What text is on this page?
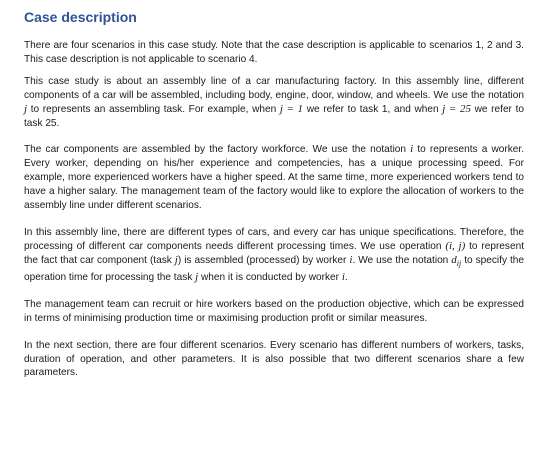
Case description

There are four scenarios in this case study. Note that the case description is applicable to scenarios 1, 2 and 3. This case description is not applicable to scenario 4.

This case study is about an assembly line of a car manufacturing factory. In this assembly line, different components of a car will be assembled, including body, engine, door, window, and wheels. We use the notation j to represents an assembling task. For example, when j = 1 we refer to task 1, and when j = 25 we refer to task 25.

The car components are assembled by the factory workforce. We use the notation i to represents a worker. Every worker, depending on his/her experience and competencies, has a unique processing speed. For example, more experienced workers have a higher speed. At the same time, more experienced workers tend to have a higher salary. The management team of the factory would like to explore the allocation of workers to the assembly line under different scenarios.

In this assembly line, there are different types of cars, and every car has unique specifications. Therefore, the processing of different car components needs different processing times. We use operation (i, j) to represent the fact that car component (task j) is assembled (processed) by worker i. We use the notation $d_{ij}$ to specify the operation time for processing the task j when it is conducted by worker i.

The management team can recruit or hire workers based on the production objective, which can be expressed in terms of minimising production time or maximising production profit or similar measures.

In the next section, there are four different scenarios. Every scenario has different numbers of workers, tasks, duration of operation, and other parameters. It is also possible that two different scenarios share a few parameters.
